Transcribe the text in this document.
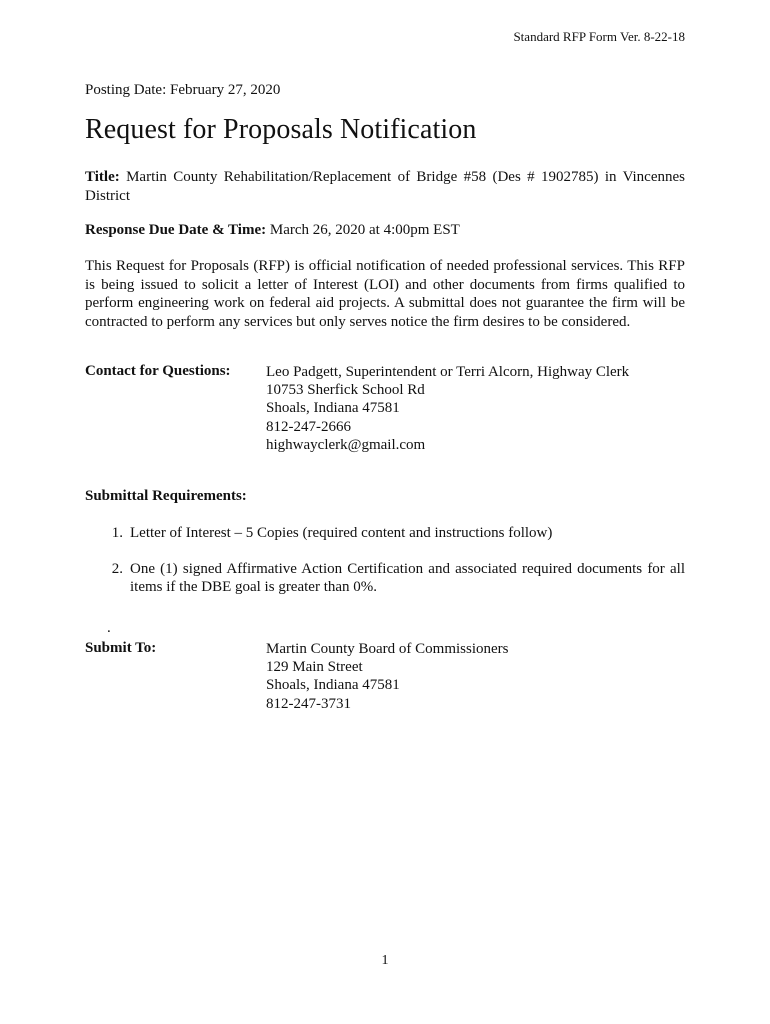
Standard RFP Form Ver. 8-22-18
Posting Date: February 27, 2020
Request for Proposals Notification
Title: Martin County Rehabilitation/Replacement of Bridge #58 (Des # 1902785) in Vincennes District
Response Due Date & Time: March 26, 2020 at 4:00pm EST
This Request for Proposals (RFP) is official notification of needed professional services. This RFP is being issued to solicit a letter of Interest (LOI) and other documents from firms qualified to perform engineering work on federal aid projects. A submittal does not guarantee the firm will be contracted to perform any services but only serves notice the firm desires to be considered.
Contact for Questions: Leo Padgett, Superintendent or Terri Alcorn, Highway Clerk
10753 Sherfick School Rd
Shoals, Indiana 47581
812-247-2666
highwayclerk@gmail.com
Submittal Requirements:
1. Letter of Interest – 5 Copies (required content and instructions follow)
2. One (1) signed Affirmative Action Certification and associated required documents for all items if the DBE goal is greater than 0%.
.
Submit To:	Martin County Board of Commissioners
129 Main Street
Shoals, Indiana 47581
812-247-3731
1
